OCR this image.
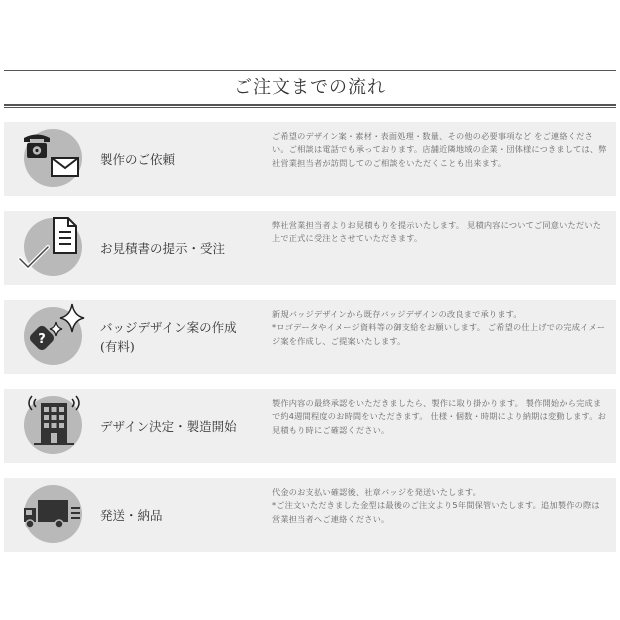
ご注文までの流れ
製作のご依頼
ご希望のデザイン案・素材・表面処理・数量、その他の必要事項など をご連絡ください。ご相談は電話でも承っております。店舗近隣地域の企業・団体様につきましては、弊社営業担当者が訪問してのご相談をいただくことも出来ます。
お見積書の提示・受注
弊社営業担当者よりお見積もりを提示いたします。 見積内容についてご同意いただいた上で正式に受注とさせていただきます。
?
バッジデザイン案の作成
(有料)
新規バッジデザインから既存バッジデザインの改良まで承ります。
*ロゴデータやイメージ資料等の御支給をお願いします。 ご希望の仕上げでの完成イメージ案を作成し、ご提案いたします。
デザイン決定・製造開始
製作内容の最終承認をいただきましたら、製作に取り掛かります。 製作開始から完成まで約4週間程度のお時間をいただきます。 仕様・個数・時期により納期は変動します。お見積もり時にご確認ください。
発送・納品
代金のお支払い確認後、社章バッジを発送いたします。
*ご注文いただきました金型は最後のご注文より5年間保管いたします。追加製作の際は営業担当者へご連絡ください。
